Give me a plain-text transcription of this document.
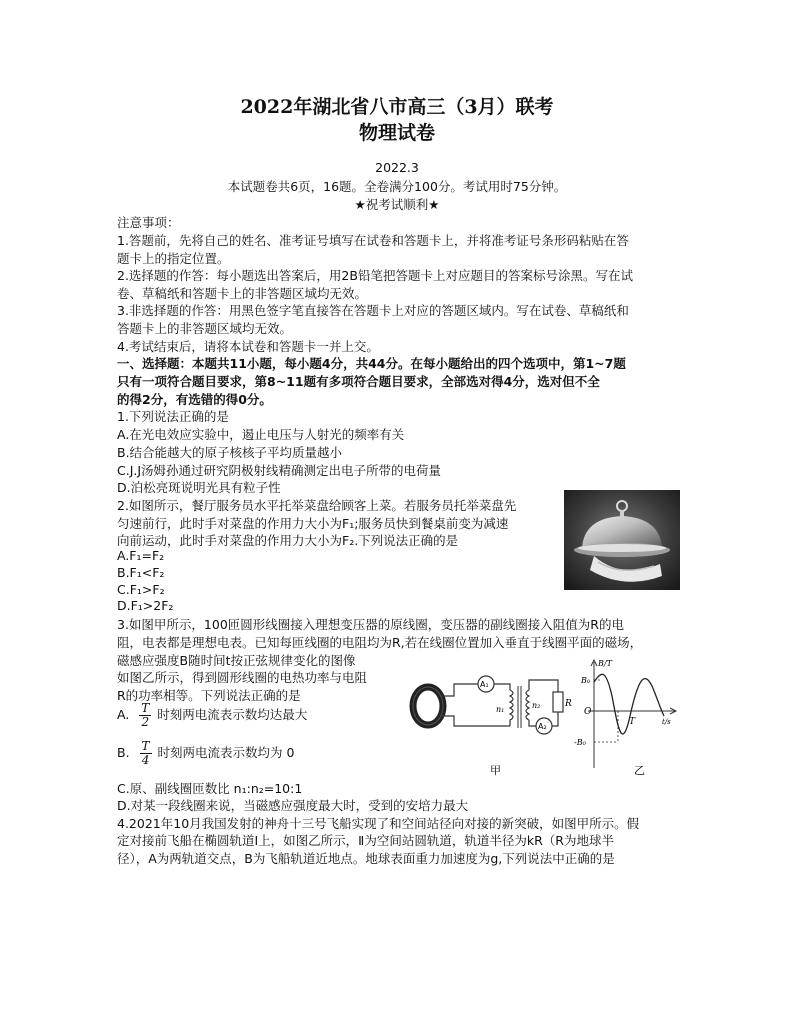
2022年湖北省八市高三（3月）联考
物理试卷
2022.3
本试题卷共6页，16题。全卷满分100分。考试用时75分钟。
★祝考试顺利★
注意事项：
1.答题前，先将自己的姓名、准考证号填写在试卷和答题卡上，并将准考证号条形码粘贴在答
题卡上的指定位置。
2.选择题的作答：每小题选出答案后，用2B铅笔把答题卡上对应题目的答案标号涂黑。写在试
卷、草稿纸和答题卡上的非答题区域均无效。
3.非选择题的作答：用黑色签字笔直接答在答题卡上对应的答题区域内。写在试卷、草稿纸和
答题卡上的非答题区域均无效。
4.考试结束后，请将本试卷和答题卡一并上交。
一、选择题：本题共11小题，每小题4分，共44分。在每小题给出的四个选项中，第1~7题
只有一项符合题目要求，第8~11题有多项符合题目要求，全部选对得4分，选对但不全
的得2分，有选错的得0分。
1.下列说法正确的是
A.在光电效应实验中，遏止电压与人射光的频率有关
B.结合能越大的原子核核子平均质量越小
C.J.J汤姆孙通过研究阴极射线精确测定出电子所带的电荷量
D.泊松亮斑说明光具有粒子性
2.如图所示，餐厅服务员水平托举菜盘给顾客上菜。若服务员托举菜盘先
匀速前行，此时手对菜盘的作用力大小为F₁;服务员快到餐桌前变为减速
向前运动，此时手对菜盘的作用力大小为F₂.下列说法正确的是
A.F₁=F₂
B.F₁<F₂
C.F₁>F₂
D.F₁>2F₂
3.如图甲所示，100匝圆形线圈接入理想变压器的原线圈，变压器的副线圈接入阻值为R的电
阻，电表都是理想电表。已知每匝线圈的电阻均为R,若在线圈位置加入垂直于线圈平面的磁场，
磁感应强度B随时间t按正弦规律变化的图像
如图乙所示，得到圆形线圈的电热功率与电阻
R的功率相等。下列说法正确的是
A. $\frac{T}{2}$ 时刻两电流表示数均达最大
B. $\frac{T}{4}$ 时刻两电流表示数均为 0
C.原、副线圈匝数比 n₁:n₂=10:1
D.对某一段线圈来说，当磁感应强度最大时，受到的安培力最大
A₁
n₁	n₂	R
A₂
甲
B/T
t/s
B₀
-B₀
O
T
乙
4.2021年10月我国发射的神舟十三号飞船实现了和空间站径向对接的新突破，如图甲所示。假
定对接前飞船在椭圆轨道Ⅰ上，如图乙所示，Ⅱ为空间站圆轨道，轨道半径为kR（R为地球半
径），A为两轨道交点，B为飞船轨道近地点。地球表面重力加速度为g,下列说法中正确的是
